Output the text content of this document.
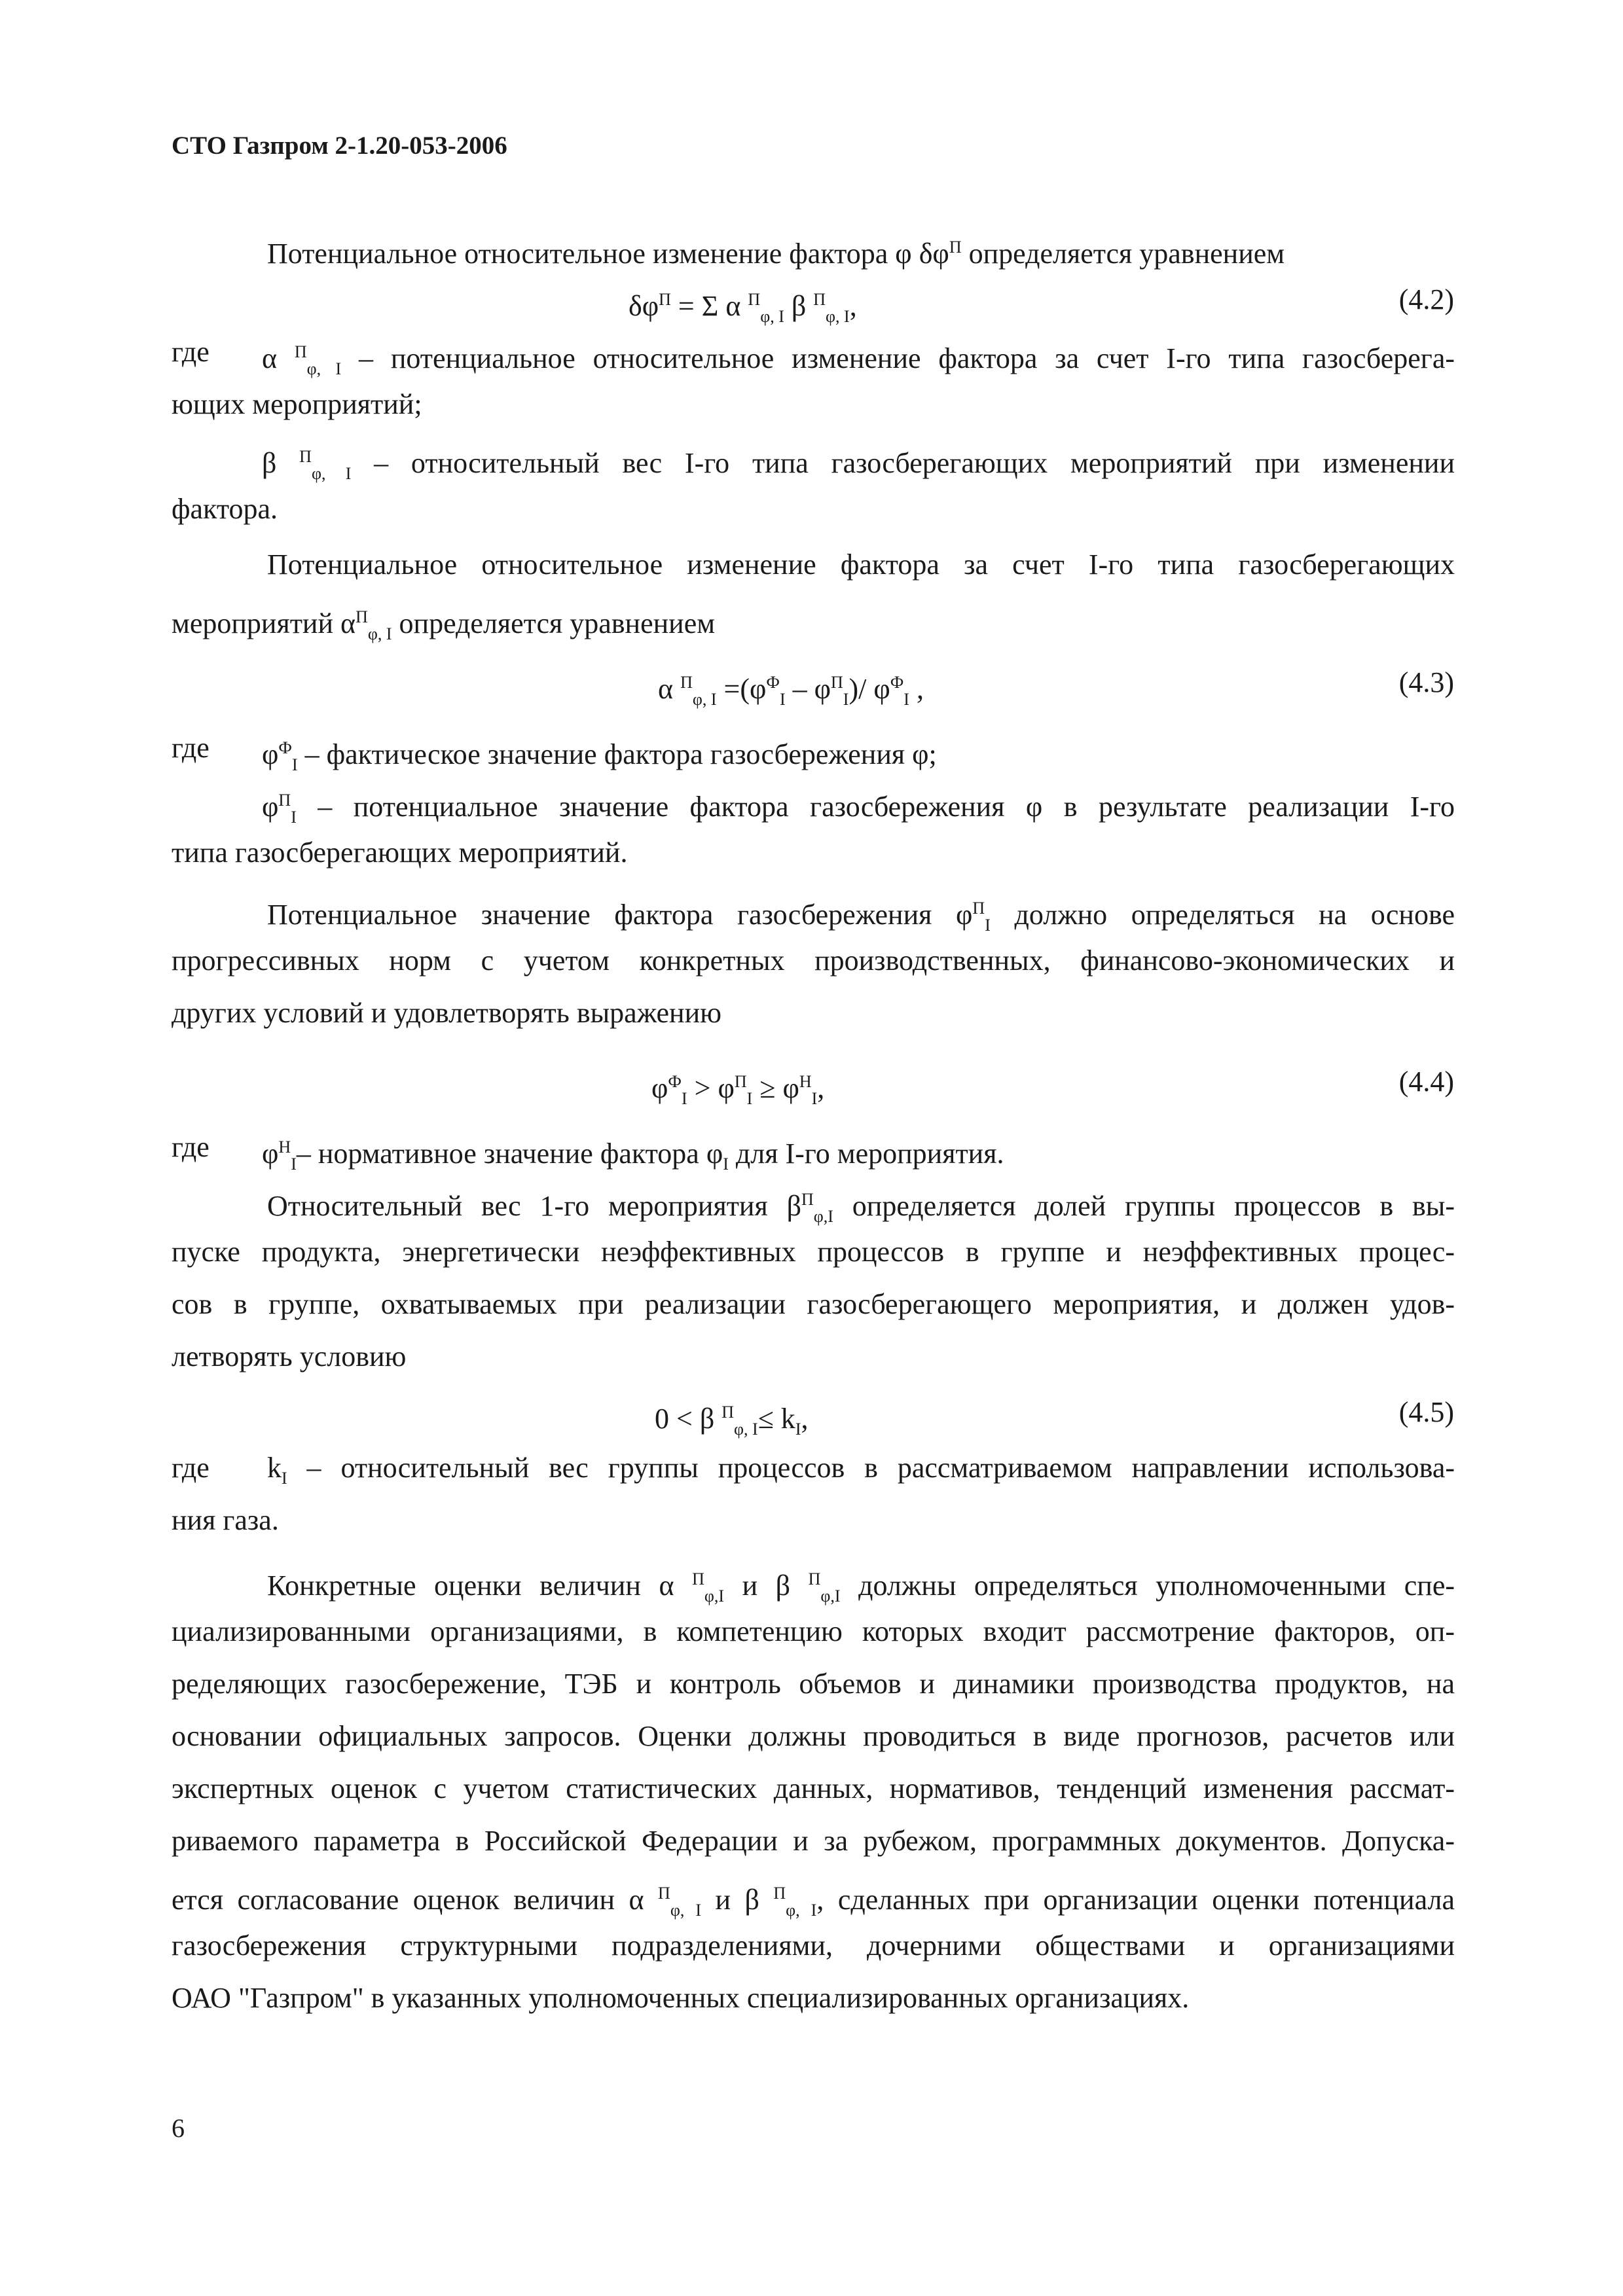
СТО Газпром 2-1.20-053-2006
Потенциальное относительное изменение фактора φ $\delta\varphi^П$ определяется уравнением
$\delta\varphi^П = \Sigma$ α $^П_{\varphi, I}$ β $^П_{\varphi, I}$,	(4.2)
где α $^П_{\varphi, I}$ – потенциальное относительное изменение фактора за счет I-го типа газосберега-
ющих мероприятий;
β $^П_{\varphi, I}$ – относительный вес I-го типа газосберегающих мероприятий при изменении
фактора.
Потенциальное относительное изменение фактора за счет I-го типа газосберегающих
мероприятий $\alpha^П_{\varphi, I}$ определяется уравнением
α $^П_{\varphi, I} =(\varphi^Ф_I - \varphi^П_I)/$ $\varphi^Ф_I$ ,	(4.3)
где $\varphi^Ф_I$ – фактическое значение фактора газосбережения φ;
$\varphi^П_I$ – потенциальное значение фактора газосбережения φ в результате реализации I-го
типа газосберегающих мероприятий.
Потенциальное значение фактора газосбережения $\varphi^П_I$ должно определяться на основе
прогрессивных норм с учетом конкретных производственных, финансово-экономических и
других условий и удовлетворять выражению
$\varphi^Ф_I > \varphi^П_I \ge \varphi^Н_I$,	(4.4)
где $\varphi^Н_I-$ нормативное значение фактора $\varphi_I$ для I-го мероприятия.
Относительный вес 1-го мероприятия $\beta^П_{\varphi,I}$ определяется долей группы процессов в вы-
пуске продукта, энергетически неэффективных процессов в группе и неэффективных процес-
сов в группе, охватываемых при реализации газосберегающего мероприятия, и должен удов-
летворять условию
0 < β $^П_{\varphi, I}\le k_I$,	(4.5)
где $k_I$ – относительный вес группы процессов в рассматриваемом направлении использова-
ния газа.
Конкретные оценки величин α $^П_{\varphi,I}$ и β $^П_{\varphi,I}$ должны определяться уполномоченными спе-
циализированными организациями, в компетенцию которых входит рассмотрение факторов, оп-
ределяющих газосбережение, ТЭБ и контроль объемов и динамики производства продуктов, на
основании официальных запросов. Оценки должны проводиться в виде прогнозов, расчетов или
экспертных оценок с учетом статистических данных, нормативов, тенденций изменения рассмат-
риваемого параметра в Российской Федерации и за рубежом, программных документов. Допуска-
ется согласование оценок величин α $^П_{\varphi, I}$ и β $^П_{\varphi, I}$, сделанных при организации оценки потенциала
газосбережения структурными подразделениями, дочерними обществами и организациями
ОАО "Газпром" в указанных уполномоченных специализированных организациях.
6
